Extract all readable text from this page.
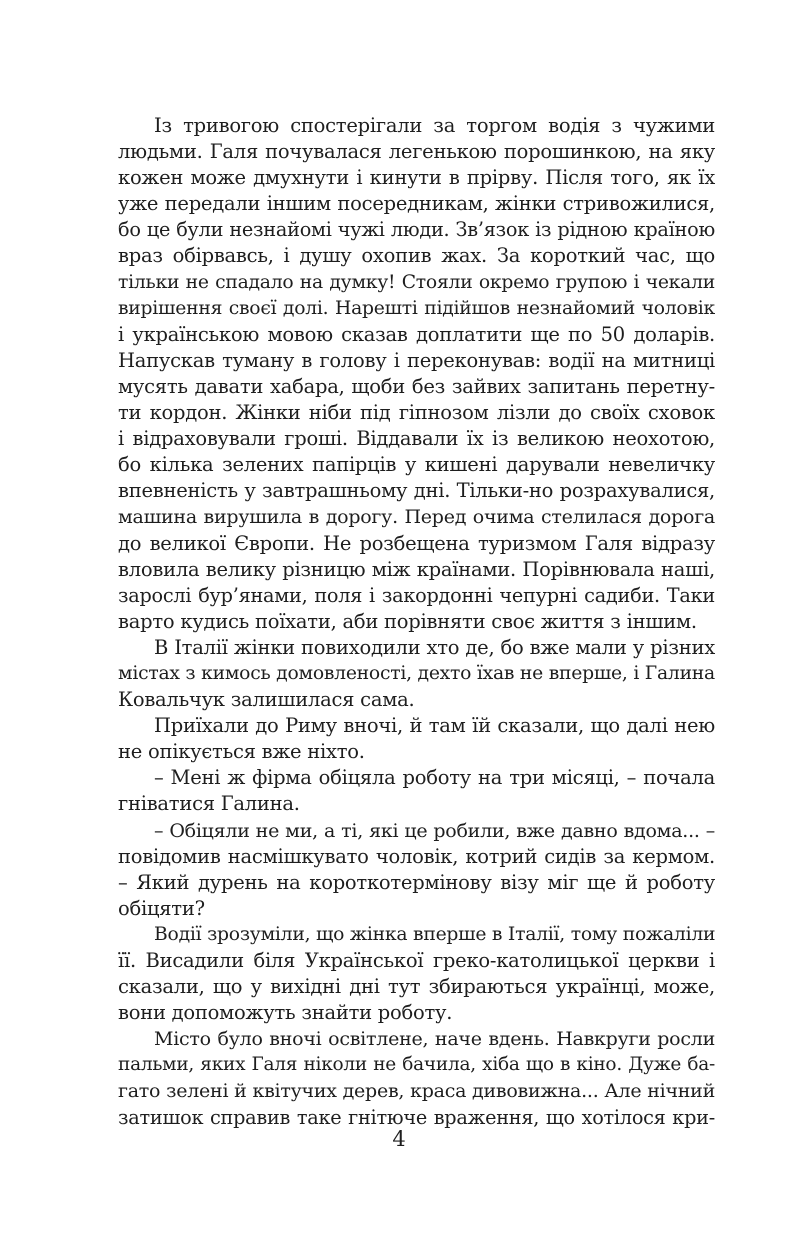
Із тривогою спостерігали за торгом водія з чужими
людьми. Галя почувалася легенькою порошинкою, на яку
кожен може дмухнути і кинути в прірву. Після того, як їх
уже передали іншим посередникам, жінки стривожилися,
бо це були незнайомі чужі люди. Зв’язок із рідною країною
враз обірвавсь, і душу охопив жах. За короткий час, що
тільки не спадало на думку! Стояли окремо групою і чекали
вирішення своєї долі. Нарешті підійшов незнайомий чоловік
і українською мовою сказав доплатити ще по 50 доларів.
Напускав туману в голову і переконував: водії на митниці
мусять давати хабара, щоби без зайвих запитань перетну-
ти кордон. Жінки ніби під гіпнозом лізли до своїх сховок
і відраховували гроші. Віддавали їх із великою неохотою,
бо кілька зелених папірців у кишені дарували невеличку
впевненість у завтрашньому дні. Тільки-но розрахувалися,
машина вирушила в дорогу. Перед очима стелилася дорога
до великої Європи. Не розбещена туризмом Галя відразу
вловила велику різницю між країнами. Порівнювала наші,
зарослі бур’янами, поля і закордонні чепурні садиби. Таки
варто кудись поїхати, аби порівняти своє життя з іншим.
В Італії жінки повиходили хто де, бо вже мали у різних
містах з кимось домовленості, дехто їхав не вперше, і Галина
Ковальчук залишилася сама.
Приїхали до Риму вночі, й там їй сказали, що далі нею
не опікується вже ніхто.
– Мені ж фірма обіцяла роботу на три місяці, – почала
гніватися Галина.
– Обіцяли не ми, а ті, які це робили, вже давно вдома... –
повідомив насмішкувато чоловік, котрий сидів за кермом.
– Який дурень на короткотермінову візу міг ще й роботу
обіцяти?
Водії зрозуміли, що жінка вперше в Італії, тому пожаліли
її. Висадили біля Української греко-католицької церкви і
сказали, що у вихідні дні тут збираються українці, може,
вони допоможуть знайти роботу.
Місто було вночі освітлене, наче вдень. Навкруги росли
пальми, яких Галя ніколи не бачила, хіба що в кіно. Дуже ба-
гато зелені й квітучих дерев, краса дивовижна... Але нічний
затишок справив таке гнітюче враження, що хотілося кри-
4
